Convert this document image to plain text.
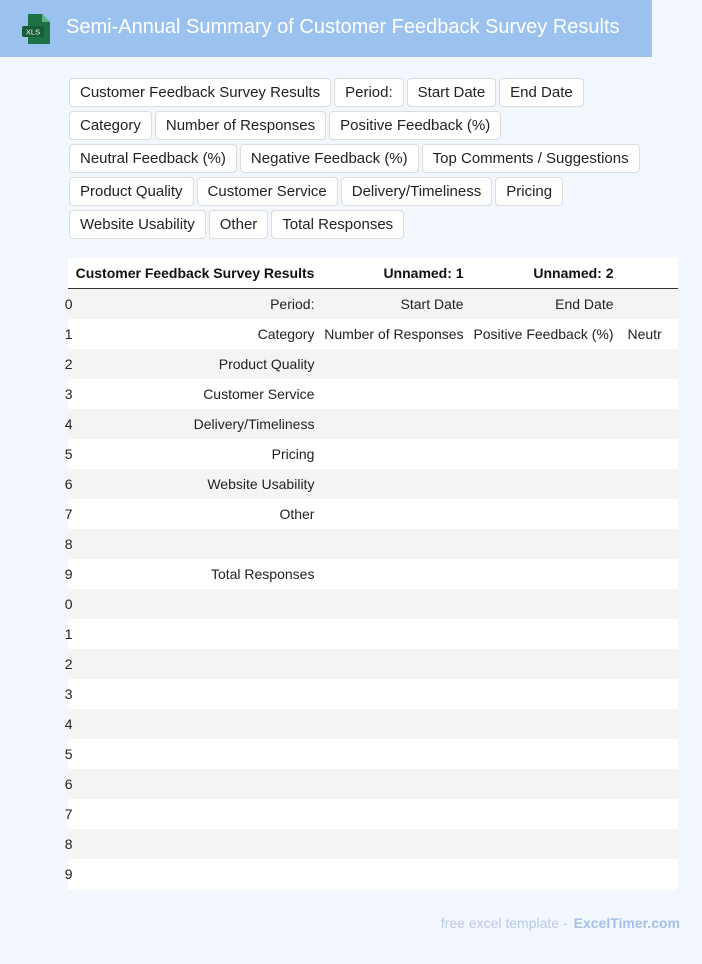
XLS Semi-Annual Summary of Customer Feedback Survey Results
Customer Feedback Survey Results	Period:	Start Date	End Date
Category	Number of Responses	Positive Feedback (%)
Neutral Feedback (%)	Negative Feedback (%)	Top Comments / Suggestions
Product Quality	Customer Service	Delivery/Timeliness	Pricing
Website Usability	Other	Total Responses
	Customer Feedback Survey Results	Unnamed: 1	Unnamed: 2	
0	Period:	Start Date	End Date	
1	Category	Number of Responses	Positive Feedback (%)	Neutr
2	Product Quality			
3	Customer Service			
4	Delivery/Timeliness			
5	Pricing			
6	Website Usability			
7	Other			
8				
9	Total Responses			
0				
1				
2				
3				
4				
5				
6				
7				
8				
9				
free excel template - ExcelTimer.com
